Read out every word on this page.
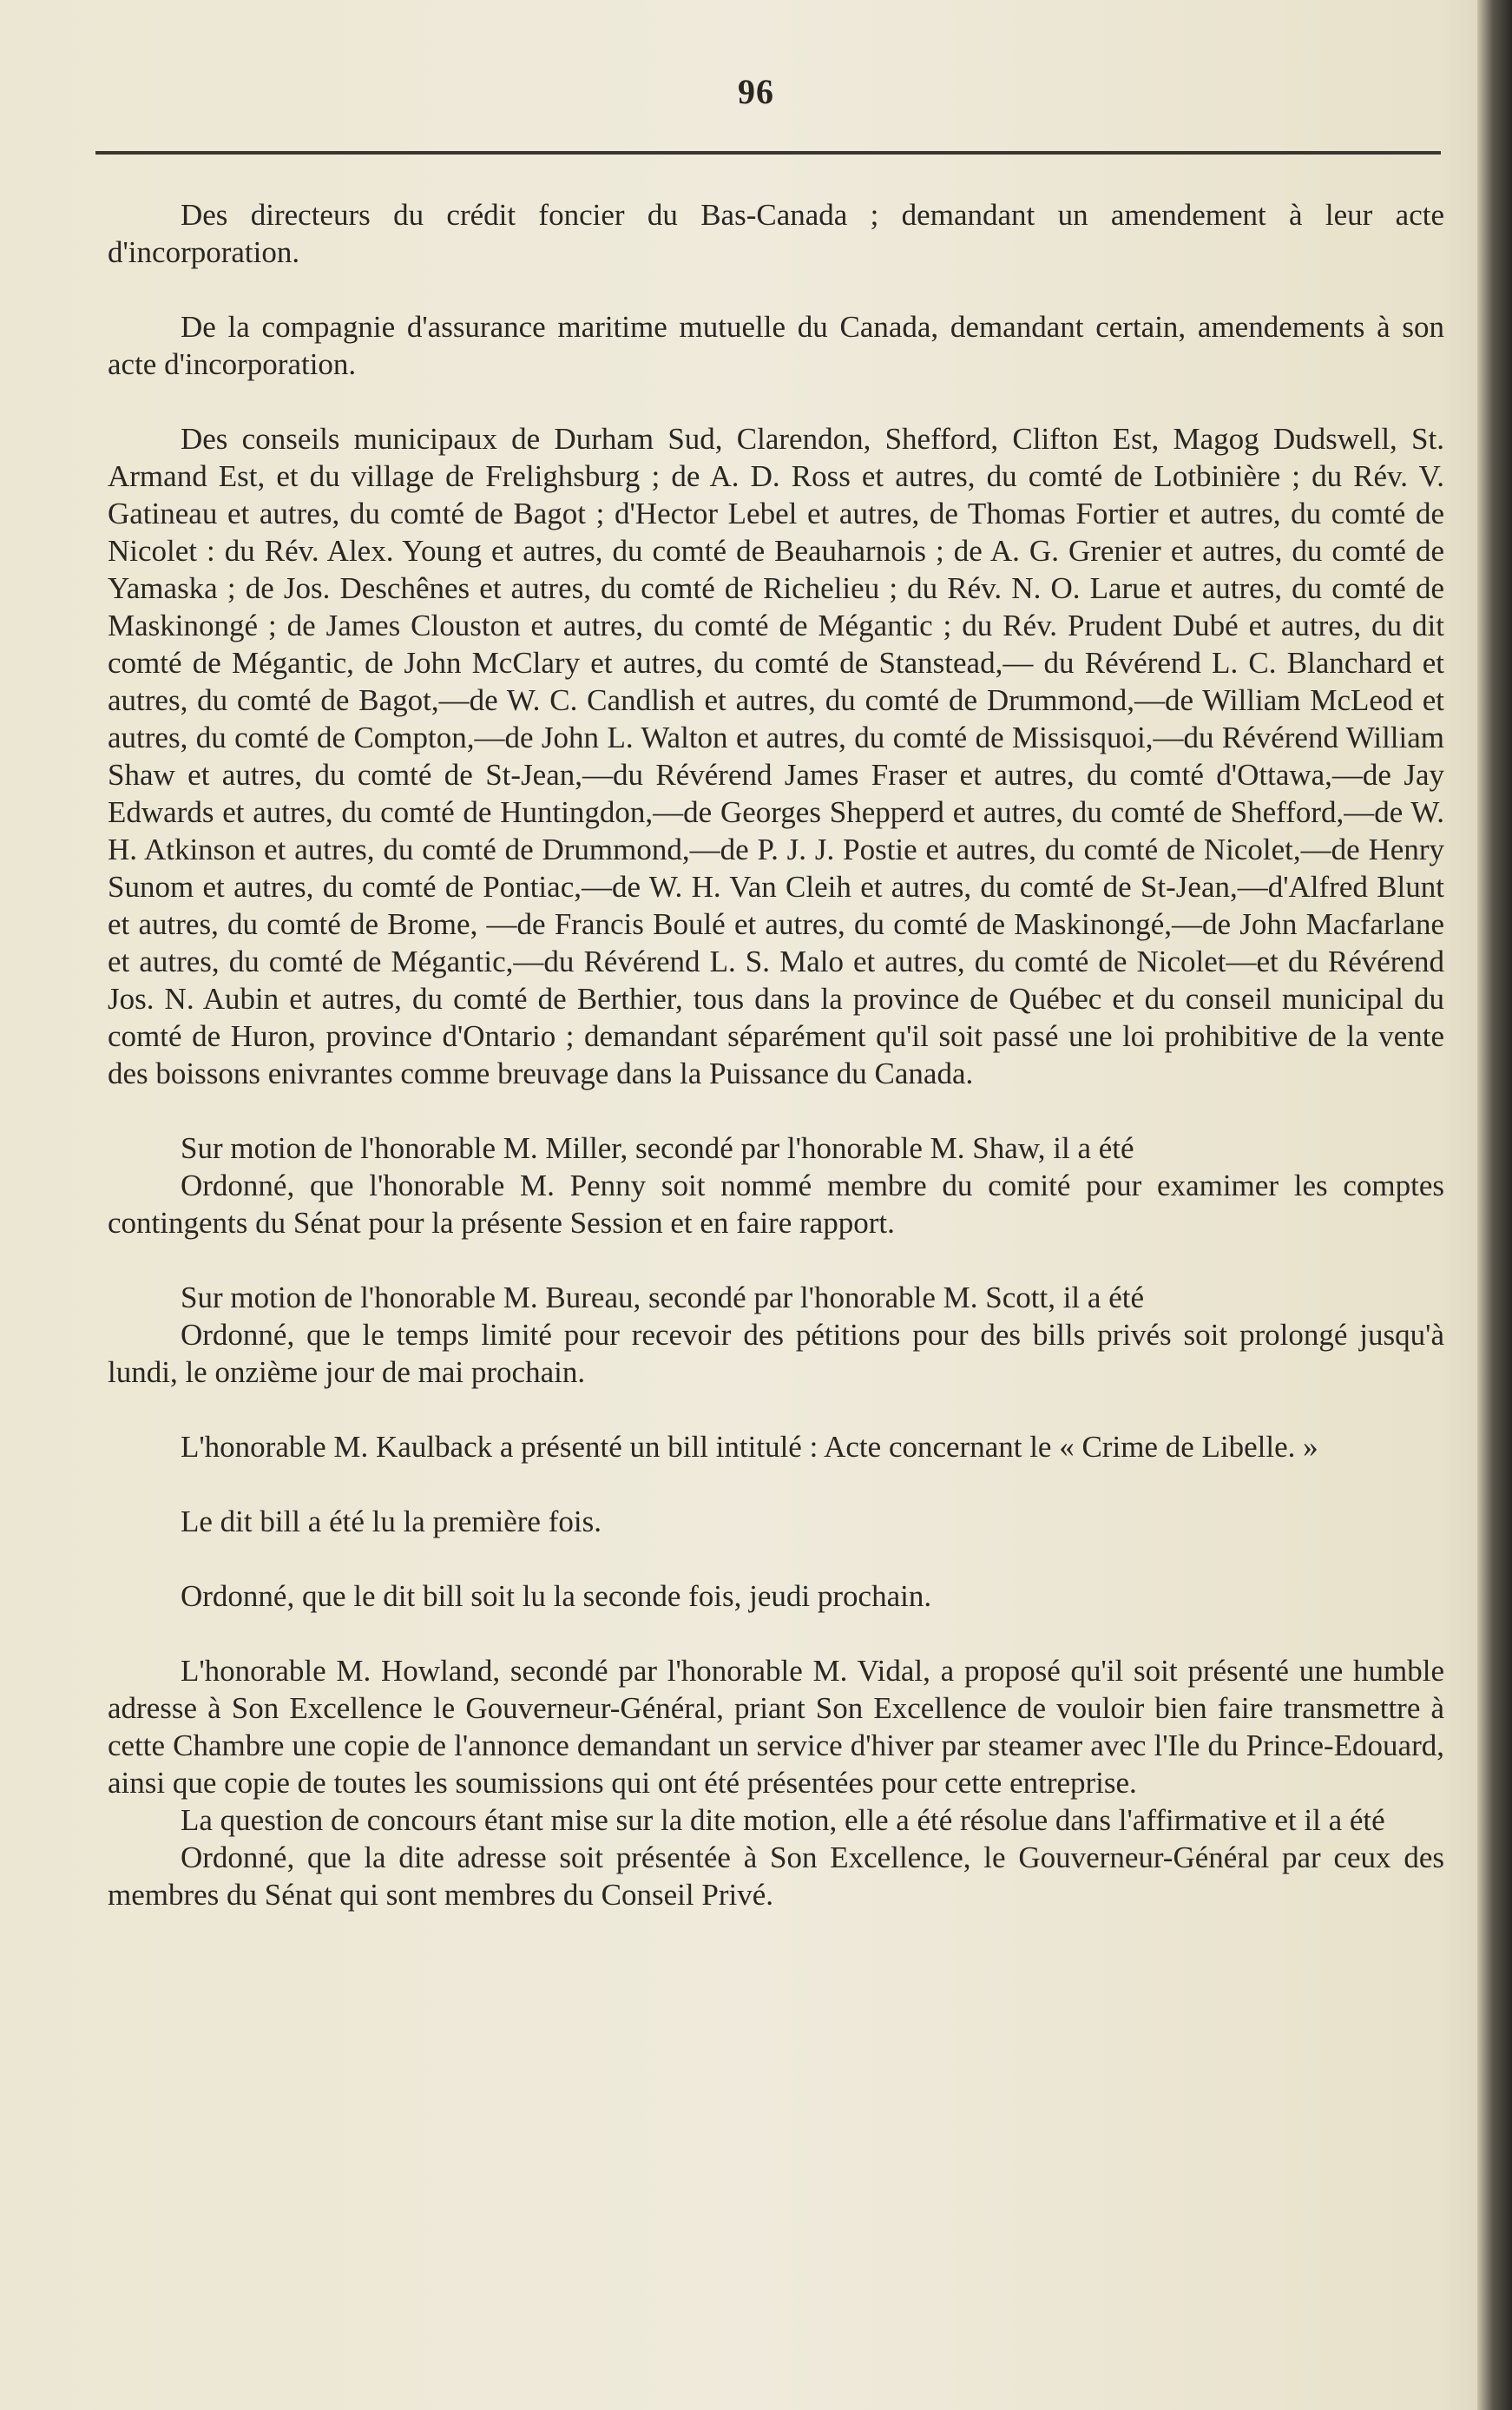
96

Des directeurs du crédit foncier du Bas-Canada ; demandant un amendement à leur acte d'incorporation.

De la compagnie d'assurance maritime mutuelle du Canada, demandant certain, amendements à son acte d'incorporation.

Des conseils municipaux de Durham Sud, Clarendon, Shefford, Clifton Est, Magog Dudswell, St. Armand Est, et du village de Frelighsburg ; de A. D. Ross et autres, du comté de Lotbinière ; du Rév. V. Gatineau et autres, du comté de Bagot ; d'Hector Lebel et autres, de Thomas Fortier et autres, du comté de Nicolet : du Rév. Alex. Young et autres, du comté de Beauharnois ; de A. G. Grenier et autres, du comté de Yamaska ; de Jos. Deschênes et autres, du comté de Richelieu ; du Rév. N. O. Larue et autres, du comté de Maskinongé ; de James Clouston et autres, du comté de Mégantic ; du Rév. Prudent Dubé et autres, du dit comté de Mégantic, de John McClary et autres, du comté de Stanstead,— du Révérend L. C. Blanchard et autres, du comté de Bagot,—de W. C. Candlish et autres, du comté de Drummond,—de William McLeod et autres, du comté de Compton,—de John L. Walton et autres, du comté de Missisquoi,—du Révérend William Shaw et autres, du comté de St-Jean,—du Révérend James Fraser et autres, du comté d'Ottawa,—de Jay Edwards et autres, du comté de Huntingdon,—de Georges Shepperd et autres, du comté de Shefford,—de W. H. Atkinson et autres, du comté de Drummond,—de P. J. J. Postie et autres, du comté de Nicolet,—de Henry Sunom et autres, du comté de Pontiac,—de W. H. Van Cleih et autres, du comté de St-Jean,—d'Alfred Blunt et autres, du comté de Brome, —de Francis Boulé et autres, du comté de Maskinongé,—de John Macfarlane et autres, du comté de Mégantic,—du Révérend L. S. Malo et autres, du comté de Nicolet—et du Révérend Jos. N. Aubin et autres, du comté de Berthier, tous dans la province de Québec et du conseil municipal du comté de Huron, province d'Ontario ; demandant séparément qu'il soit passé une loi prohibitive de la vente des boissons enivrantes comme breuvage dans la Puissance du Canada.

Sur motion de l'honorable M. Miller, secondé par l'honorable M. Shaw, il a été

Ordonné, que l'honorable M. Penny soit nommé membre du comité pour examimer les comptes contingents du Sénat pour la présente Session et en faire rapport.

Sur motion de l'honorable M. Bureau, secondé par l'honorable M. Scott, il a été

Ordonné, que le temps limité pour recevoir des pétitions pour des bills privés soit prolongé jusqu'à lundi, le onzième jour de mai prochain.

L'honorable M. Kaulback a présenté un bill intitulé : Acte concernant le « Crime de Libelle. »

Le dit bill a été lu la première fois.

Ordonné, que le dit bill soit lu la seconde fois, jeudi prochain.

L'honorable M. Howland, secondé par l'honorable M. Vidal, a proposé qu'il soit présenté une humble adresse à Son Excellence le Gouverneur-Général, priant Son Excellence de vouloir bien faire transmettre à cette Chambre une copie de l'annonce demandant un service d'hiver par steamer avec l'Ile du Prince-Edouard, ainsi que copie de toutes les soumissions qui ont été présentées pour cette entreprise.

La question de concours étant mise sur la dite motion, elle a été résolue dans l'affirmative et il a été

Ordonné, que la dite adresse soit présentée à Son Excellence, le Gouverneur-Général par ceux des membres du Sénat qui sont membres du Conseil Privé.
